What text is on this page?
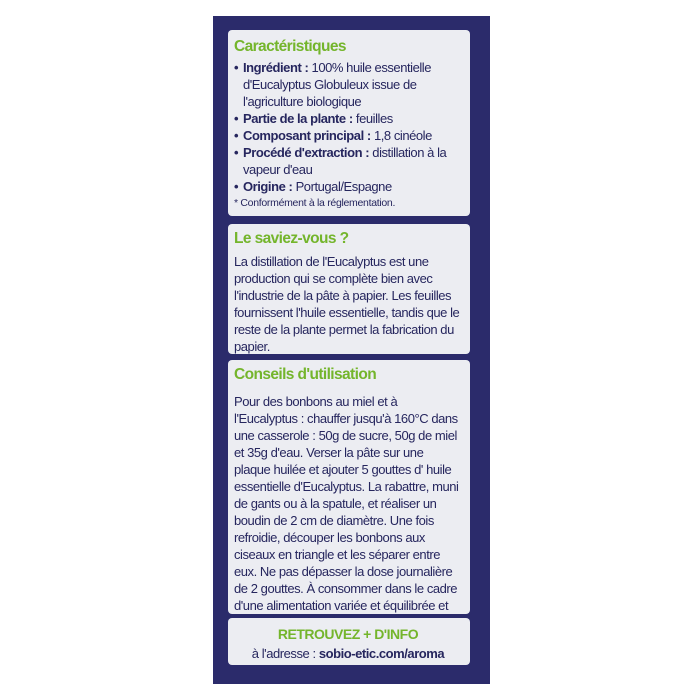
Caractéristiques
• Ingrédient : 100% huile essentielle d'Eucalyptus Globuleux issue de l'agriculture biologique
• Partie de la plante : feuilles
• Composant principal : 1,8 cinéole
• Procédé d'extraction : distillation à la vapeur d'eau
• Origine : Portugal/Espagne
* Conformément à la réglementation.
Le saviez-vous ?

La distillation de l'Eucalyptus est une production qui se complète bien avec l'industrie de la pâte à papier. Les feuilles fournissent l'huile essentielle, tandis que le reste de la plante permet la fabrication du papier.

Conseils d'utilisation

Pour des bonbons au miel et à l'Eucalyptus : chauffer jusqu'à 160°C dans une casserole : 50g de sucre, 50g de miel et 35g d'eau. Verser la pâte sur une plaque huilée et ajouter 5 gouttes d' huile essentielle d'Eucalyptus. La rabattre, muni de gants ou à la spatule, et réaliser un boudin de 2 cm de diamètre. Une fois refroidie, découper les bonbons aux ciseaux en triangle et les séparer entre eux. Ne pas dépasser la dose journalière de 2 gouttes. À consommer dans le cadre d'une alimentation variée et équilibrée et

RETROUVEZ + D'INFO
à l'adresse : sobio-etic.com/aroma
